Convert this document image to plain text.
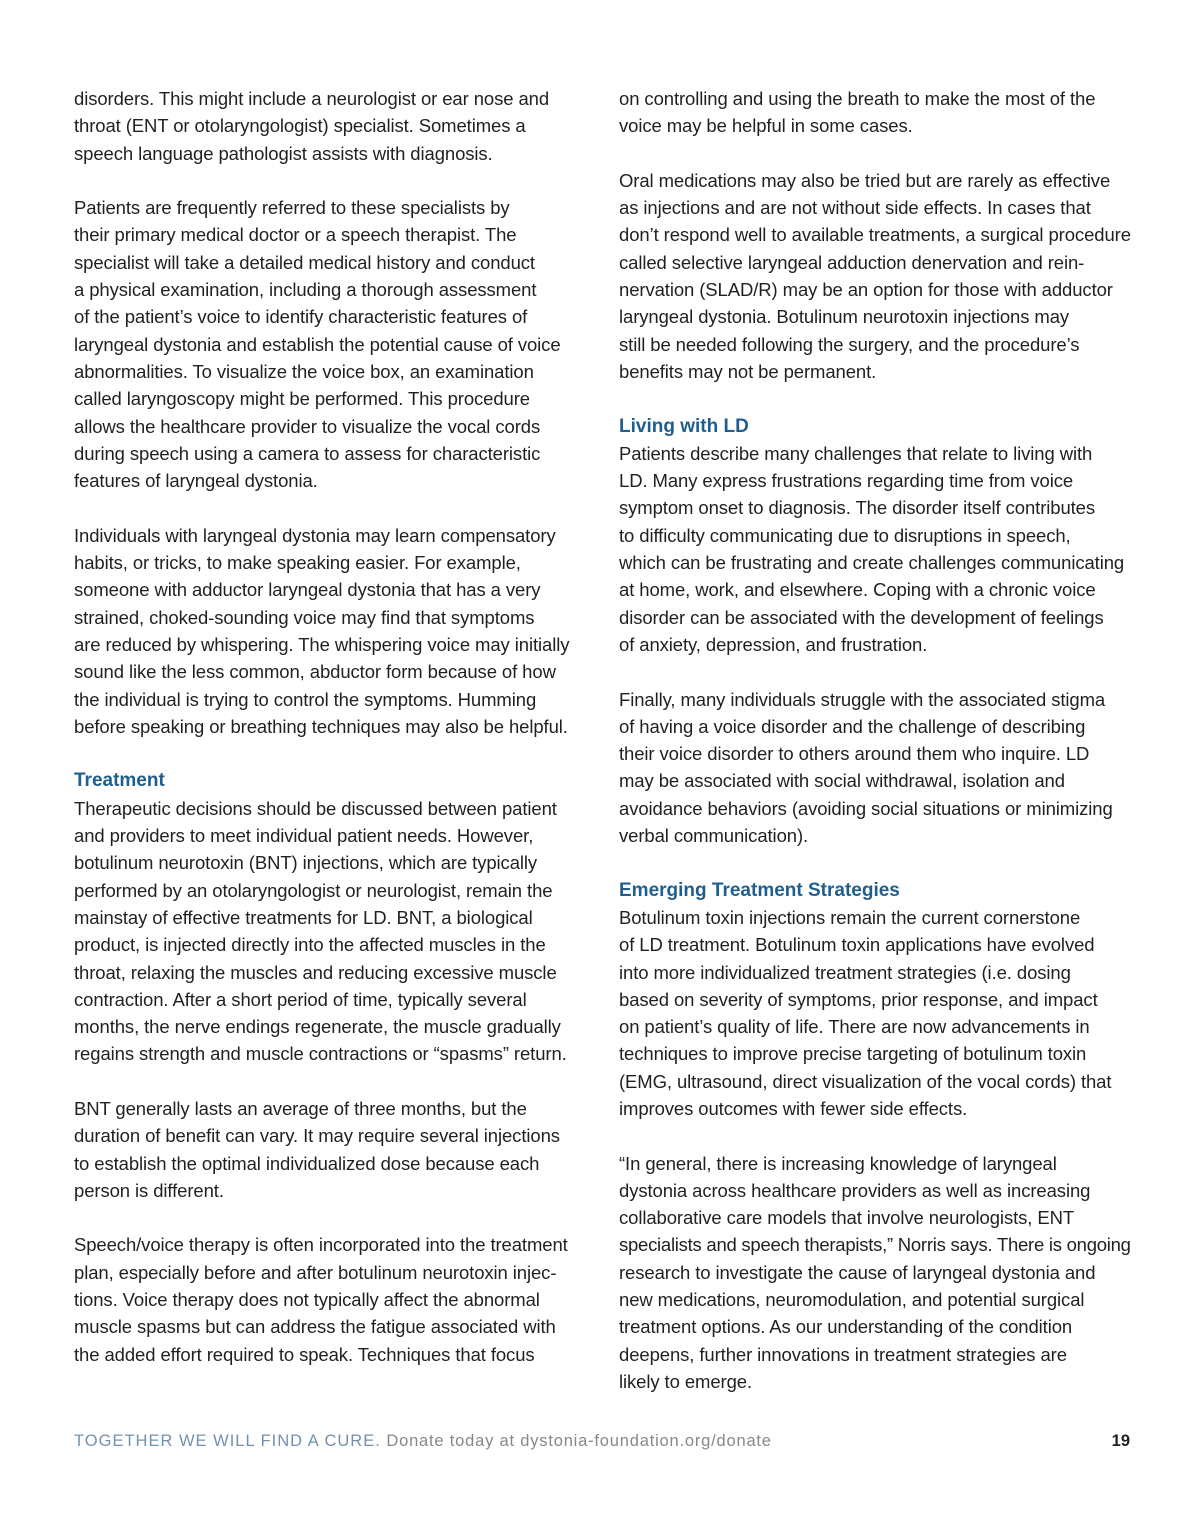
disorders. This might include a neurologist or ear nose and
throat (ENT or otolaryngologist) specialist. Sometimes a
speech language pathologist assists with diagnosis.
Patients are frequently referred to these specialists by
their primary medical doctor or a speech therapist. The
specialist will take a detailed medical history and conduct
a physical examination, including a thorough assessment
of the patient’s voice to identify characteristic features of
laryngeal dystonia and establish the potential cause of voice
abnormalities. To visualize the voice box, an examination
called laryngoscopy might be performed. This procedure
allows the healthcare provider to visualize the vocal cords
during speech using a camera to assess for characteristic
features of laryngeal dystonia.
Individuals with laryngeal dystonia may learn compensatory
habits, or tricks, to make speaking easier. For example,
someone with adductor laryngeal dystonia that has a very
strained, choked-sounding voice may find that symptoms
are reduced by whispering. The whispering voice may initially
sound like the less common, abductor form because of how
the individual is trying to control the symptoms. Humming
before speaking or breathing techniques may also be helpful.
Treatment
Therapeutic decisions should be discussed between patient
and providers to meet individual patient needs. However,
botulinum neurotoxin (BNT) injections, which are typically
performed by an otolaryngologist or neurologist, remain the
mainstay of effective treatments for LD. BNT, a biological
product, is injected directly into the affected muscles in the
throat, relaxing the muscles and reducing excessive muscle
contraction. After a short period of time, typically several
months, the nerve endings regenerate, the muscle gradually
regains strength and muscle contractions or “spasms” return.
BNT generally lasts an average of three months, but the
duration of benefit can vary. It may require several injections
to establish the optimal individualized dose because each
person is different.
Speech/voice therapy is often incorporated into the treatment
plan, especially before and after botulinum neurotoxin injec-
tions. Voice therapy does not typically affect the abnormal
muscle spasms but can address the fatigue associated with
the added effort required to speak. Techniques that focus
on controlling and using the breath to make the most of the
voice may be helpful in some cases.
Oral medications may also be tried but are rarely as effective
as injections and are not without side effects. In cases that
don’t respond well to available treatments, a surgical procedure
called selective laryngeal adduction denervation and rein-
nervation (SLAD/R) may be an option for those with adductor
laryngeal dystonia. Botulinum neurotoxin injections may
still be needed following the surgery, and the procedure’s
benefits may not be permanent.
Living with LD
Patients describe many challenges that relate to living with
LD. Many express frustrations regarding time from voice
symptom onset to diagnosis. The disorder itself contributes
to difficulty communicating due to disruptions in speech,
which can be frustrating and create challenges communicating
at home, work, and elsewhere. Coping with a chronic voice
disorder can be associated with the development of feelings
of anxiety, depression, and frustration.
Finally, many individuals struggle with the associated stigma
of having a voice disorder and the challenge of describing
their voice disorder to others around them who inquire. LD
may be associated with social withdrawal, isolation and
avoidance behaviors (avoiding social situations or minimizing
verbal communication).
Emerging Treatment Strategies
Botulinum toxin injections remain the current cornerstone
of LD treatment. Botulinum toxin applications have evolved
into more individualized treatment strategies (i.e. dosing
based on severity of symptoms, prior response, and impact
on patient’s quality of life. There are now advancements in
techniques to improve precise targeting of botulinum toxin
(EMG, ultrasound, direct visualization of the vocal cords) that
improves outcomes with fewer side effects.
“In general, there is increasing knowledge of laryngeal
dystonia across healthcare providers as well as increasing
collaborative care models that involve neurologists, ENT
specialists and speech therapists,” Norris says. There is ongoing
research to investigate the cause of laryngeal dystonia and
new medications, neuromodulation, and potential surgical
treatment options. As our understanding of the condition
deepens, further innovations in treatment strategies are
likely to emerge.
TOGETHER WE WILL FIND A CURE. Donate today at dystonia-foundation.org/donate	19
